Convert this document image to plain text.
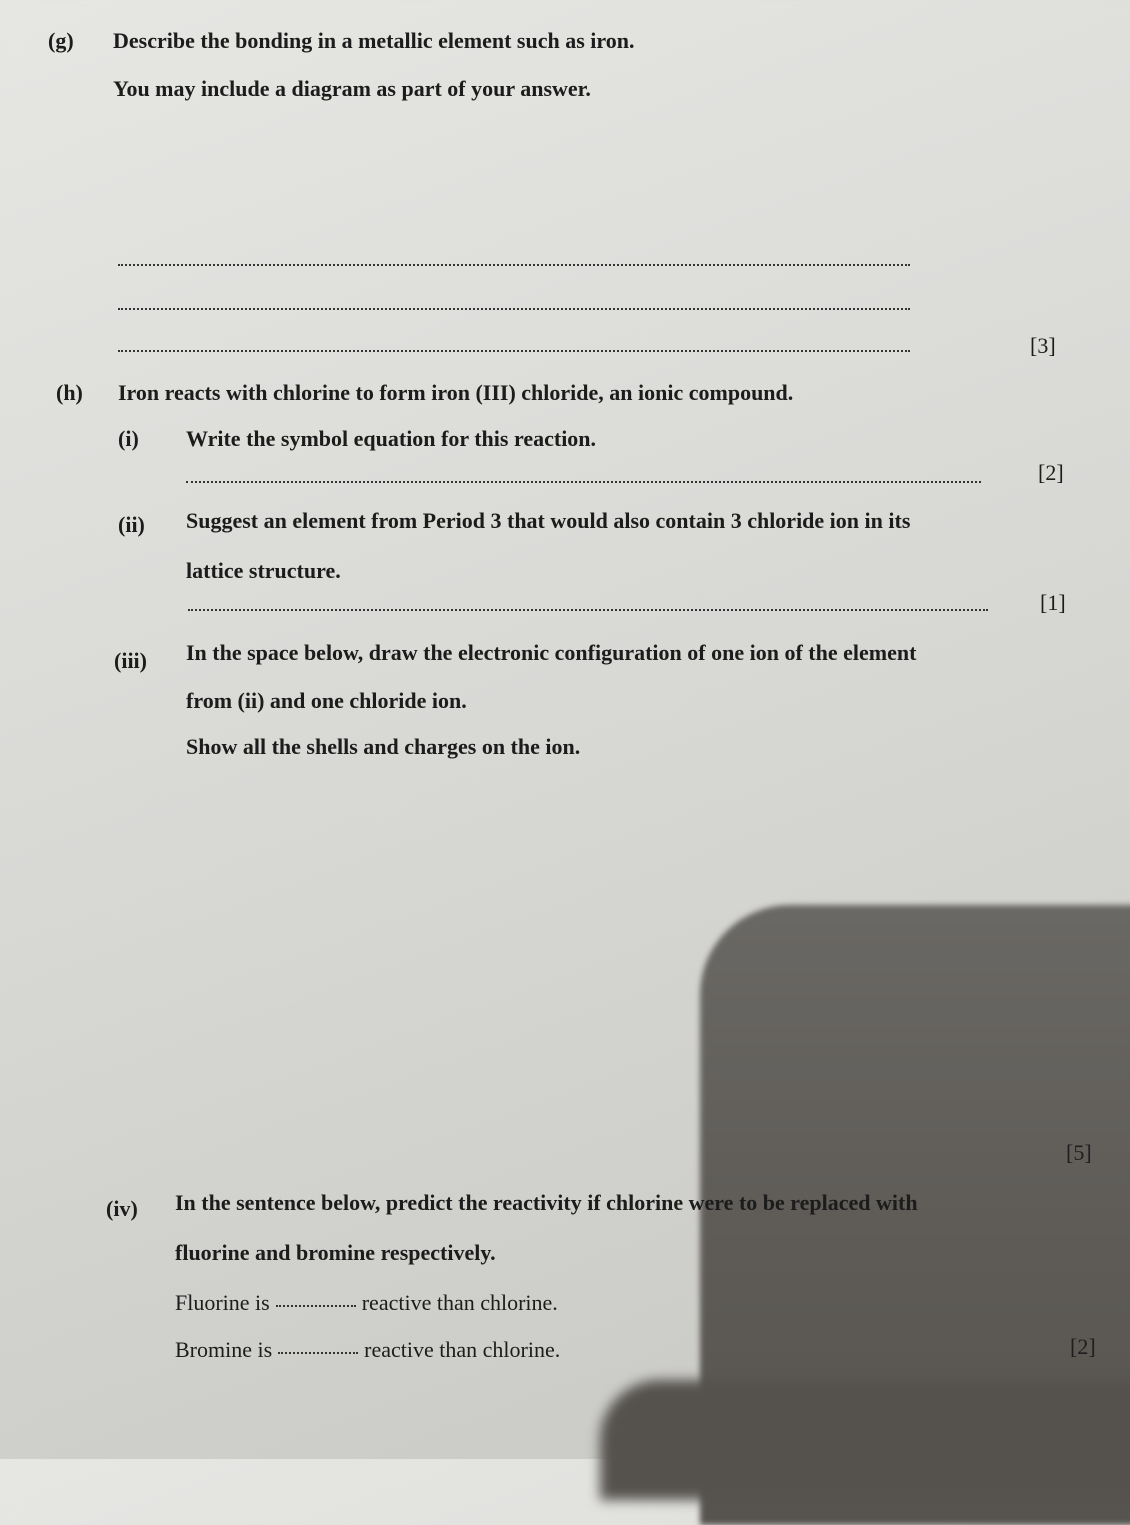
(g) Describe the bonding in a metallic element such as iron.
You may include a diagram as part of your answer.
[3]
(h) Iron reacts with chlorine to form iron (III) chloride, an ionic compound.
(i) Write the symbol equation for this reaction.
[2]
(ii) Suggest an element from Period 3 that would also contain 3 chloride ion in its
lattice structure.
[1]
(iii) In the space below, draw the electronic configuration of one ion of the element
from (ii) and one chloride ion.
Show all the shells and charges on the ion.
[5]
(iv) In the sentence below, predict the reactivity if chlorine were to be replaced with
fluorine and bromine respectively.
Fluorine is	reactive than chlorine.
Bromine is	reactive than chlorine.	[2]
